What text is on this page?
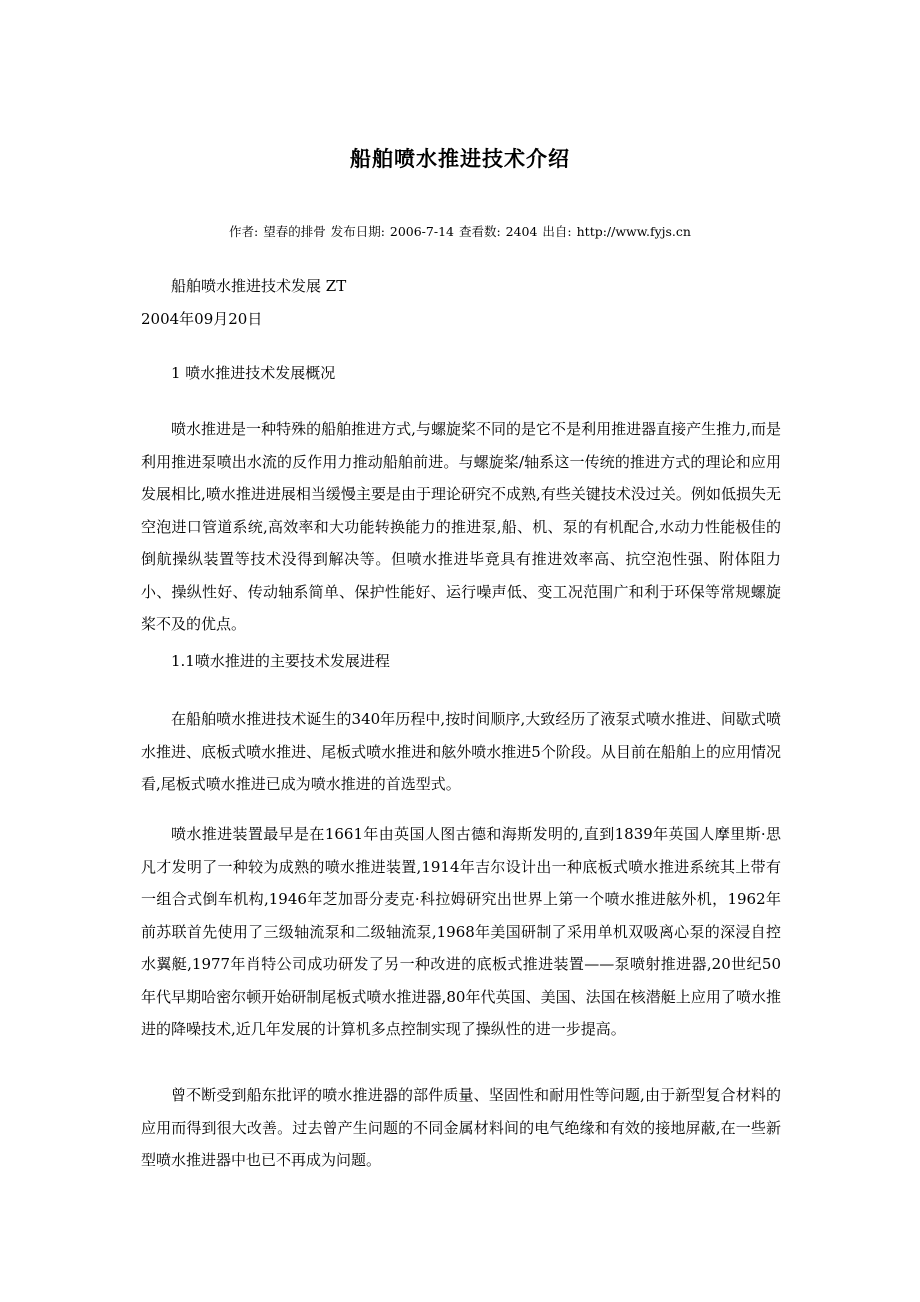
船舶喷水推进技术介绍
作者: 望春的排骨 发布日期: 2006-7-14 查看数: 2404 出自: http://www.fyjs.cn

船舶喷水推进技术发展 ZT

2004年09月20日

1 喷水推进技术发展概况

喷水推进是一种特殊的船舶推进方式,与螺旋桨不同的是它不是利用推进器直接产生推力,而是利用推进泵喷出水流的反作用力推动船舶前进。与螺旋桨/轴系这一传统的推进方式的理论和应用发展相比,喷水推进进展相当缓慢主要是由于理论研究不成熟,有些关键技术没过关。例如低损失无空泡进口管道系统,高效率和大功能转换能力的推进泵,船、机、泵的有机配合,水动力性能极佳的倒航操纵装置等技术没得到解决等。但喷水推进毕竟具有推进效率高、抗空泡性强、附体阻力小、操纵性好、传动轴系简单、保护性能好、运行噪声低、变工况范围广和利于环保等常规螺旋桨不及的优点。

1.1喷水推进的主要技术发展进程

在船舶喷水推进技术诞生的340年历程中,按时间顺序,大致经历了液泵式喷水推进、间歇式喷水推进、底板式喷水推进、尾板式喷水推进和舷外喷水推进5个阶段。从目前在船舶上的应用情况看,尾板式喷水推进已成为喷水推进的首选型式。

喷水推进装置最早是在1661年由英国人图古德和海斯发明的,直到1839年英国人摩里斯·思凡才发明了一种较为成熟的喷水推进装置,1914年吉尔设计出一种底板式喷水推进系统其上带有一组合式倒车机构,1946年芝加哥分麦克·科拉姆研究出世界上第一个喷水推进舷外机，1962年前苏联首先使用了三级轴流泵和二级轴流泵,1968年美国研制了采用单机双吸离心泵的深浸自控水翼艇,1977年肖特公司成功研发了另一种改进的底板式推进装置——泵喷射推进器,20世纪50年代早期哈密尔顿开始研制尾板式喷水推进器,80年代英国、美国、法国在核潜艇上应用了喷水推进的降噪技术,近几年发展的计算机多点控制实现了操纵性的进一步提高。

曾不断受到船东批评的喷水推进器的部件质量、坚固性和耐用性等问题,由于新型复合材料的应用而得到很大改善。过去曾产生问题的不同金属材料间的电气绝缘和有效的接地屏蔽,在一些新型喷水推进器中也已不再成为问题。
